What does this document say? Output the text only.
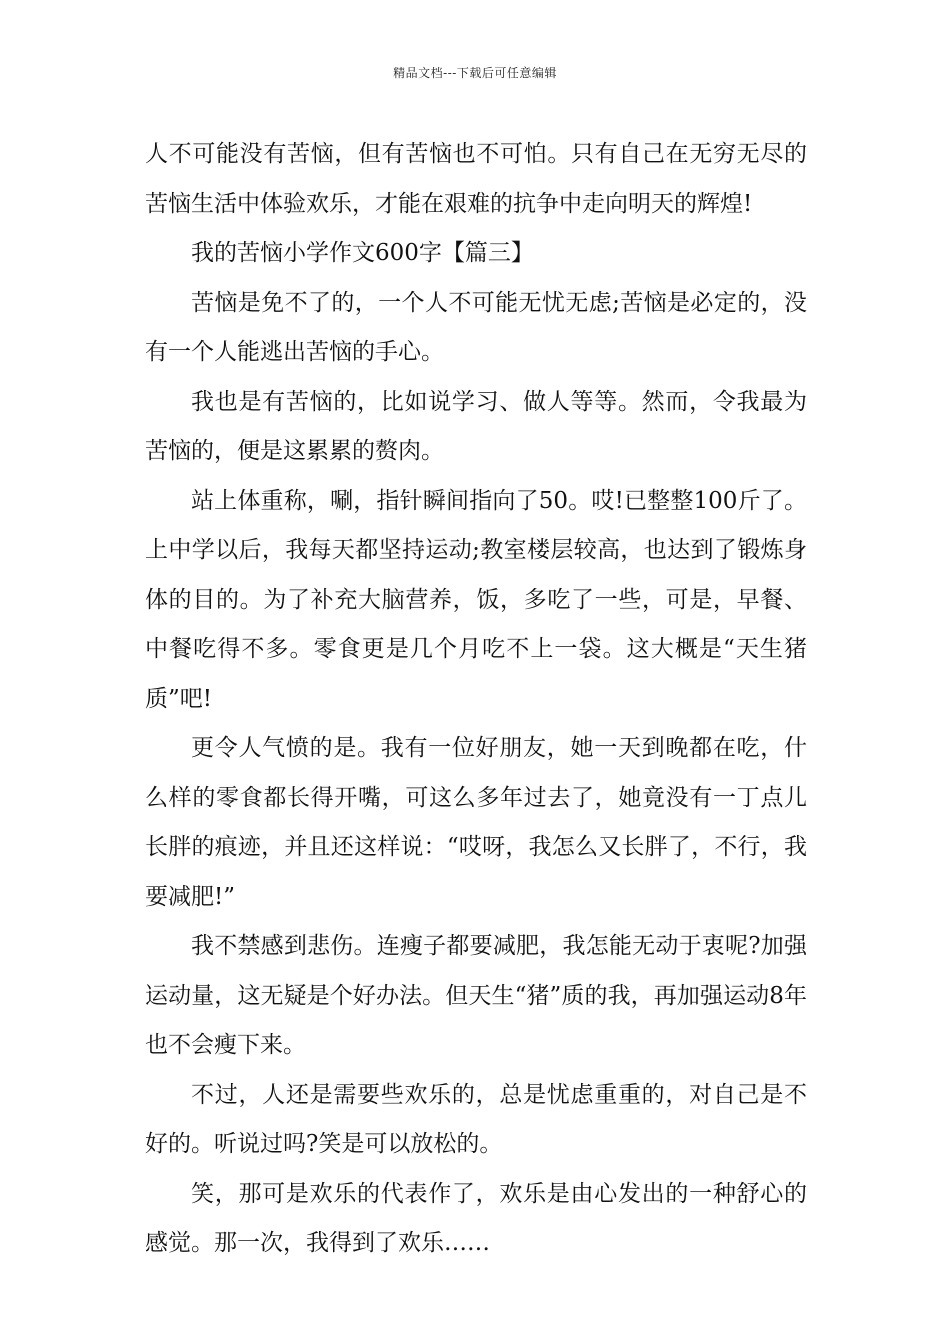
精品文档---下载后可任意编辑

人不可能没有苦恼，但有苦恼也不可怕。只有自己在无穷无尽的苦恼生活中体验欢乐，才能在艰难的抗争中走向明天的辉煌!

我的苦恼小学作文600字【篇三】

苦恼是免不了的，一个人不可能无忧无虑;苦恼是必定的，没有一个人能逃出苦恼的手心。

我也是有苦恼的，比如说学习、做人等等。然而，令我最为苦恼的，便是这累累的赘肉。

站上体重称，唰，指针瞬间指向了50。哎!已整整100斤了。上中学以后，我每天都坚持运动;教室楼层较高，也达到了锻炼身体的目的。为了补充大脑营养，饭，多吃了一些，可是，早餐、中餐吃得不多。零食更是几个月吃不上一袋。这大概是“天生猪质”吧!

更令人气愤的是。我有一位好朋友，她一天到晚都在吃，什么样的零食都长得开嘴，可这么多年过去了，她竟没有一丁点儿长胖的痕迹，并且还这样说：“哎呀，我怎么又长胖了，不行，我要减肥!”

我不禁感到悲伤。连瘦子都要减肥，我怎能无动于衷呢?加强运动量，这无疑是个好办法。但天生“猪”质的我，再加强运动8年也不会瘦下来。

不过，人还是需要些欢乐的，总是忧虑重重的，对自己是不好的。听说过吗?笑是可以放松的。

笑，那可是欢乐的代表作了，欢乐是由心发出的一种舒心的感觉。那一次，我得到了欢乐……
